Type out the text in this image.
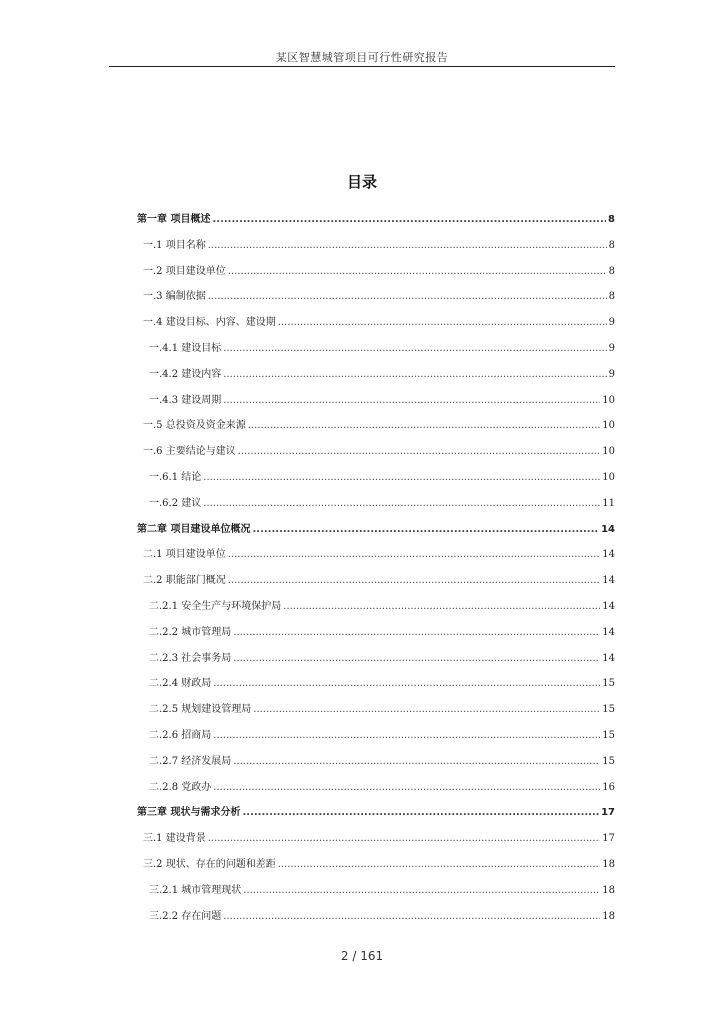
某区智慧城管项目可行性研究报告
目录
第一章 项目概述 .....	8
一.1 项目名称 .....	8
一.2 项目建设单位 .....	8
一.3 编制依据 .....	8
一.4 建设目标、内容、建设期 .....	9
一.4.1 建设目标 .....	9
一.4.2 建设内容 .....	9
一.4.3 建设周期 .....	10
一.5 总投资及资金来源 .....	10
一.6 主要结论与建议 .....	10
一.6.1 结论 .....	10
一.6.2 建议 .....	11
第二章 项目建设单位概况 .....	14
二.1 项目建设单位 .....	14
二.2 职能部门概况 .....	14
二.2.1 安全生产与环境保护局 .....	14
二.2.2 城市管理局 .....	14
二.2.3 社会事务局 .....	14
二.2.4 财政局 .....	15
二.2.5 规划建设管理局 .....	15
二.2.6 招商局 .....	15
二.2.7 经济发展局 .....	15
二.2.8 党政办 .....	16
第三章 现状与需求分析 .....	17
三.1 建设背景 .....	17
三.2 现状、存在的问题和差距 .....	18
三.2.1 城市管理现状 .....	18
三.2.2 存在问题 .....	18
2 / 161
